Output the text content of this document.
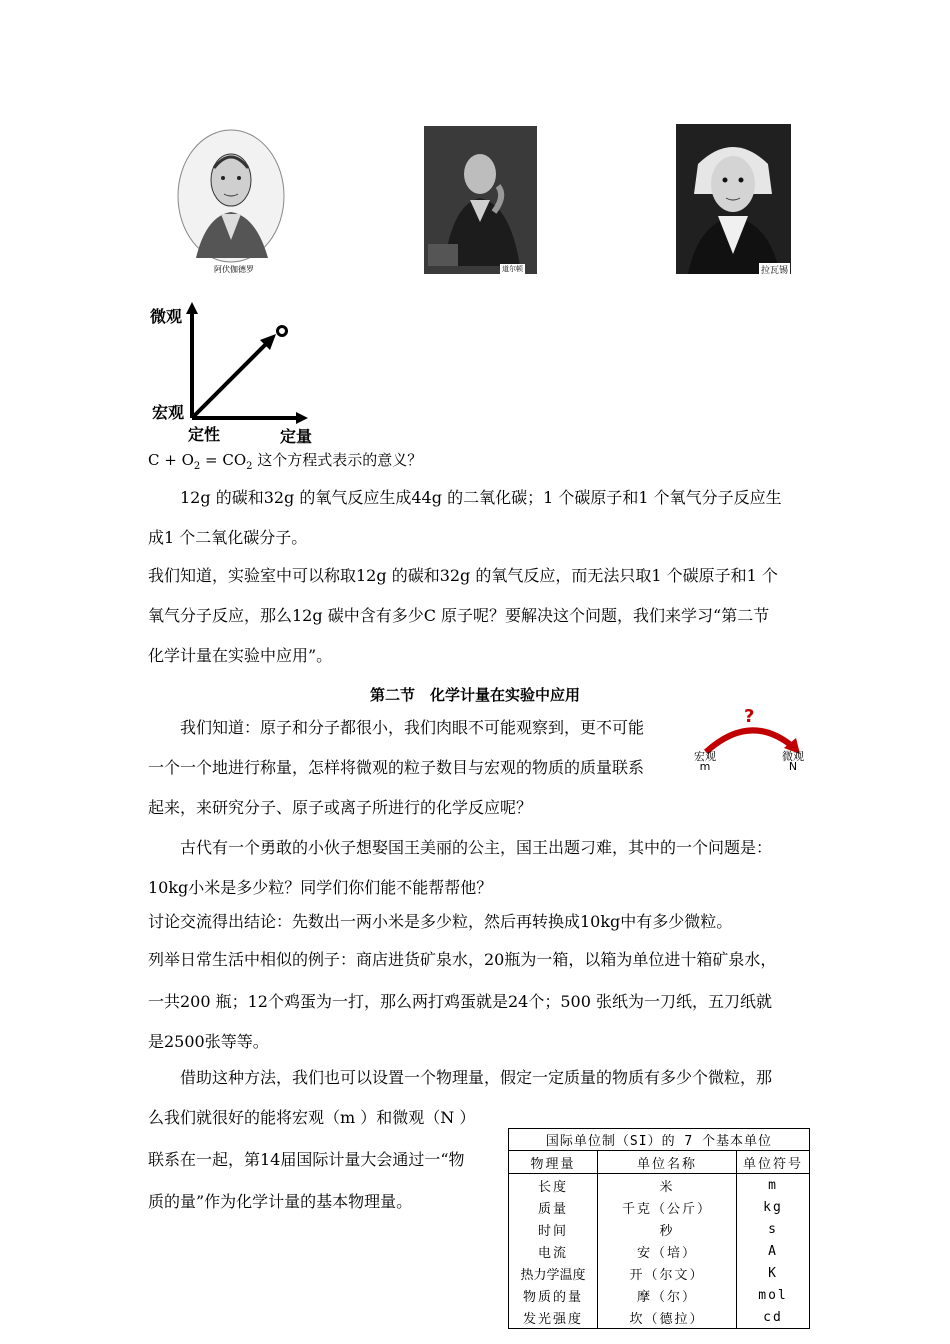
阿伏伽德罗	道尔顿	拉瓦锡
微观
宏观
定性	定量
$C + O_2 = CO_2$ 这个方程式表示的意义？
12g 的碳和32g 的氧气反应生成44g 的二氧化碳；1 个碳原子和1 个氧气分子反应生
成1 个二氧化碳分子。
我们知道，实验室中可以称取12g 的碳和32g 的氧气反应，而无法只取1 个碳原子和1 个
氧气分子反应，那么12g 碳中含有多少C 原子呢？要解决这个问题，我们来学习“第二节
化学计量在实验中应用”。
第二节　化学计量在实验中应用
我们知道：原子和分子都很小，我们肉眼不可能观察到，更不可能
一个一个地进行称量，怎样将微观的粒子数目与宏观的物质的质量联系
起来，来研究分子、原子或离子所进行的化学反应呢？
?
宏观
m
微观
N
古代有一个勇敢的小伙子想娶国王美丽的公主，国王出题刁难，其中的一个问题是：
10kg小米是多少粒？同学们你们能不能帮帮他？
讨论交流得出结论：先数出一两小米是多少粒，然后再转换成10kg中有多少微粒。
列举日常生活中相似的例子：商店进货矿泉水，20瓶为一箱，以箱为单位进十箱矿泉水，
一共200 瓶；12个鸡蛋为一打，那么两打鸡蛋就是24个；500 张纸为一刀纸，五刀纸就
是2500张等等。
借助这种方法，我们也可以设置一个物理量，假定一定质量的物质有多少个微粒，那
么我们就很好的能将宏观（m ）和微观（N ）
联系在一起，第14届国际计量大会通过一“物
质的量”作为化学计量的基本物理量。
国际单位制（SI）的 7 个基本单位		
物理量	单位名称	单位符号
长度	米	m
质量	千克（公斤）	kg
时间	秒	s
电流	安（培）	A
热力学温度	开（尔文）	K
物质的量	摩（尔）	mol
发光强度	坎（德拉）	cd
